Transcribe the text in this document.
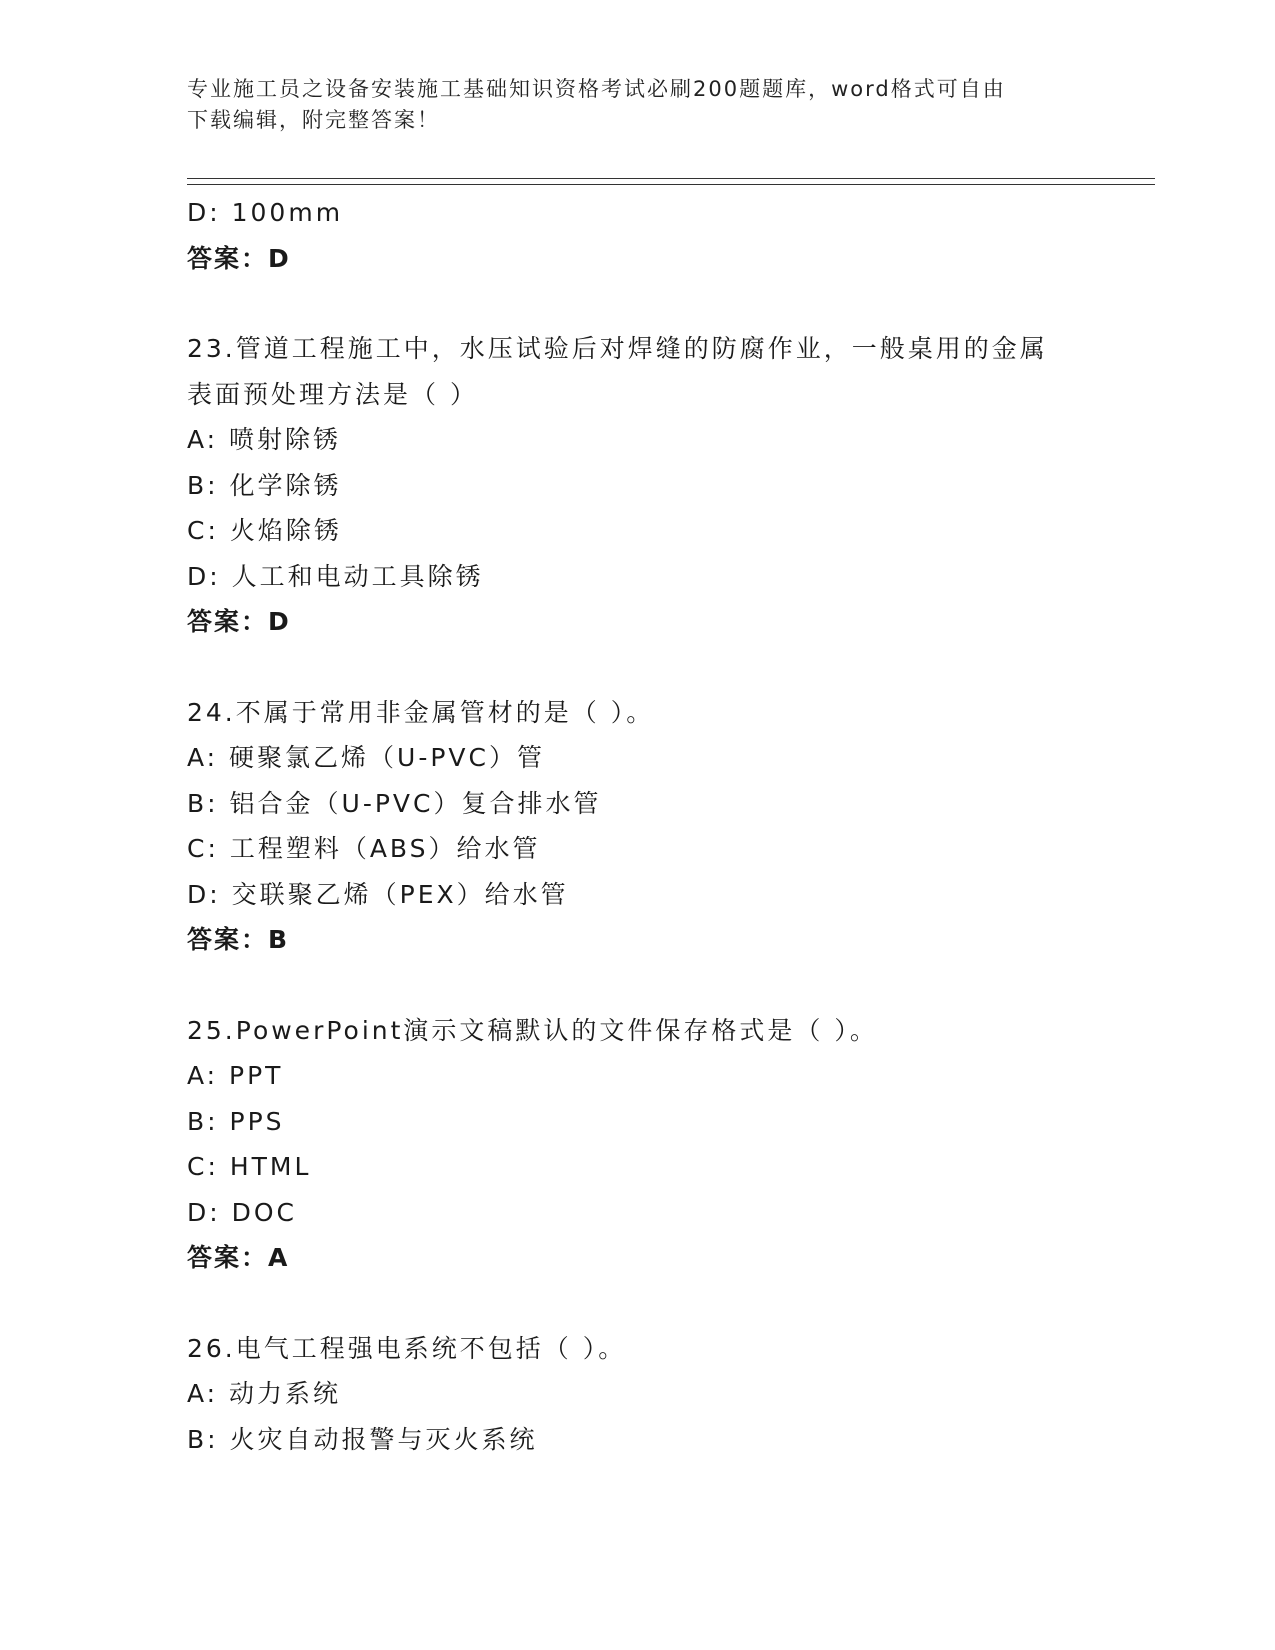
专业施工员之设备安装施工基础知识资格考试必刷200题题库，word格式可自由
下载编辑，附完整答案！
D: 100mm
答案：D
23.管道工程施工中，水压试验后对焊缝的防腐作业，一般桌用的金属
表面预处理方法是（ ）
A: 喷射除锈
B: 化学除锈
C: 火焰除锈
D: 人工和电动工具除锈
答案：D
24.不属于常用非金属管材的是（ ）。
A: 硬聚氯乙烯（U-PVC）管
B: 铝合金（U-PVC）复合排水管
C: 工程塑料（ABS）给水管
D: 交联聚乙烯（PEX）给水管
答案：B
25.PowerPoint演示文稿默认的文件保存格式是（ ）。
A: PPT
B: PPS
C: HTML
D: DOC
答案：A
26.电气工程强电系统不包括（ ）。
A: 动力系统
B: 火灾自动报警与灭火系统
